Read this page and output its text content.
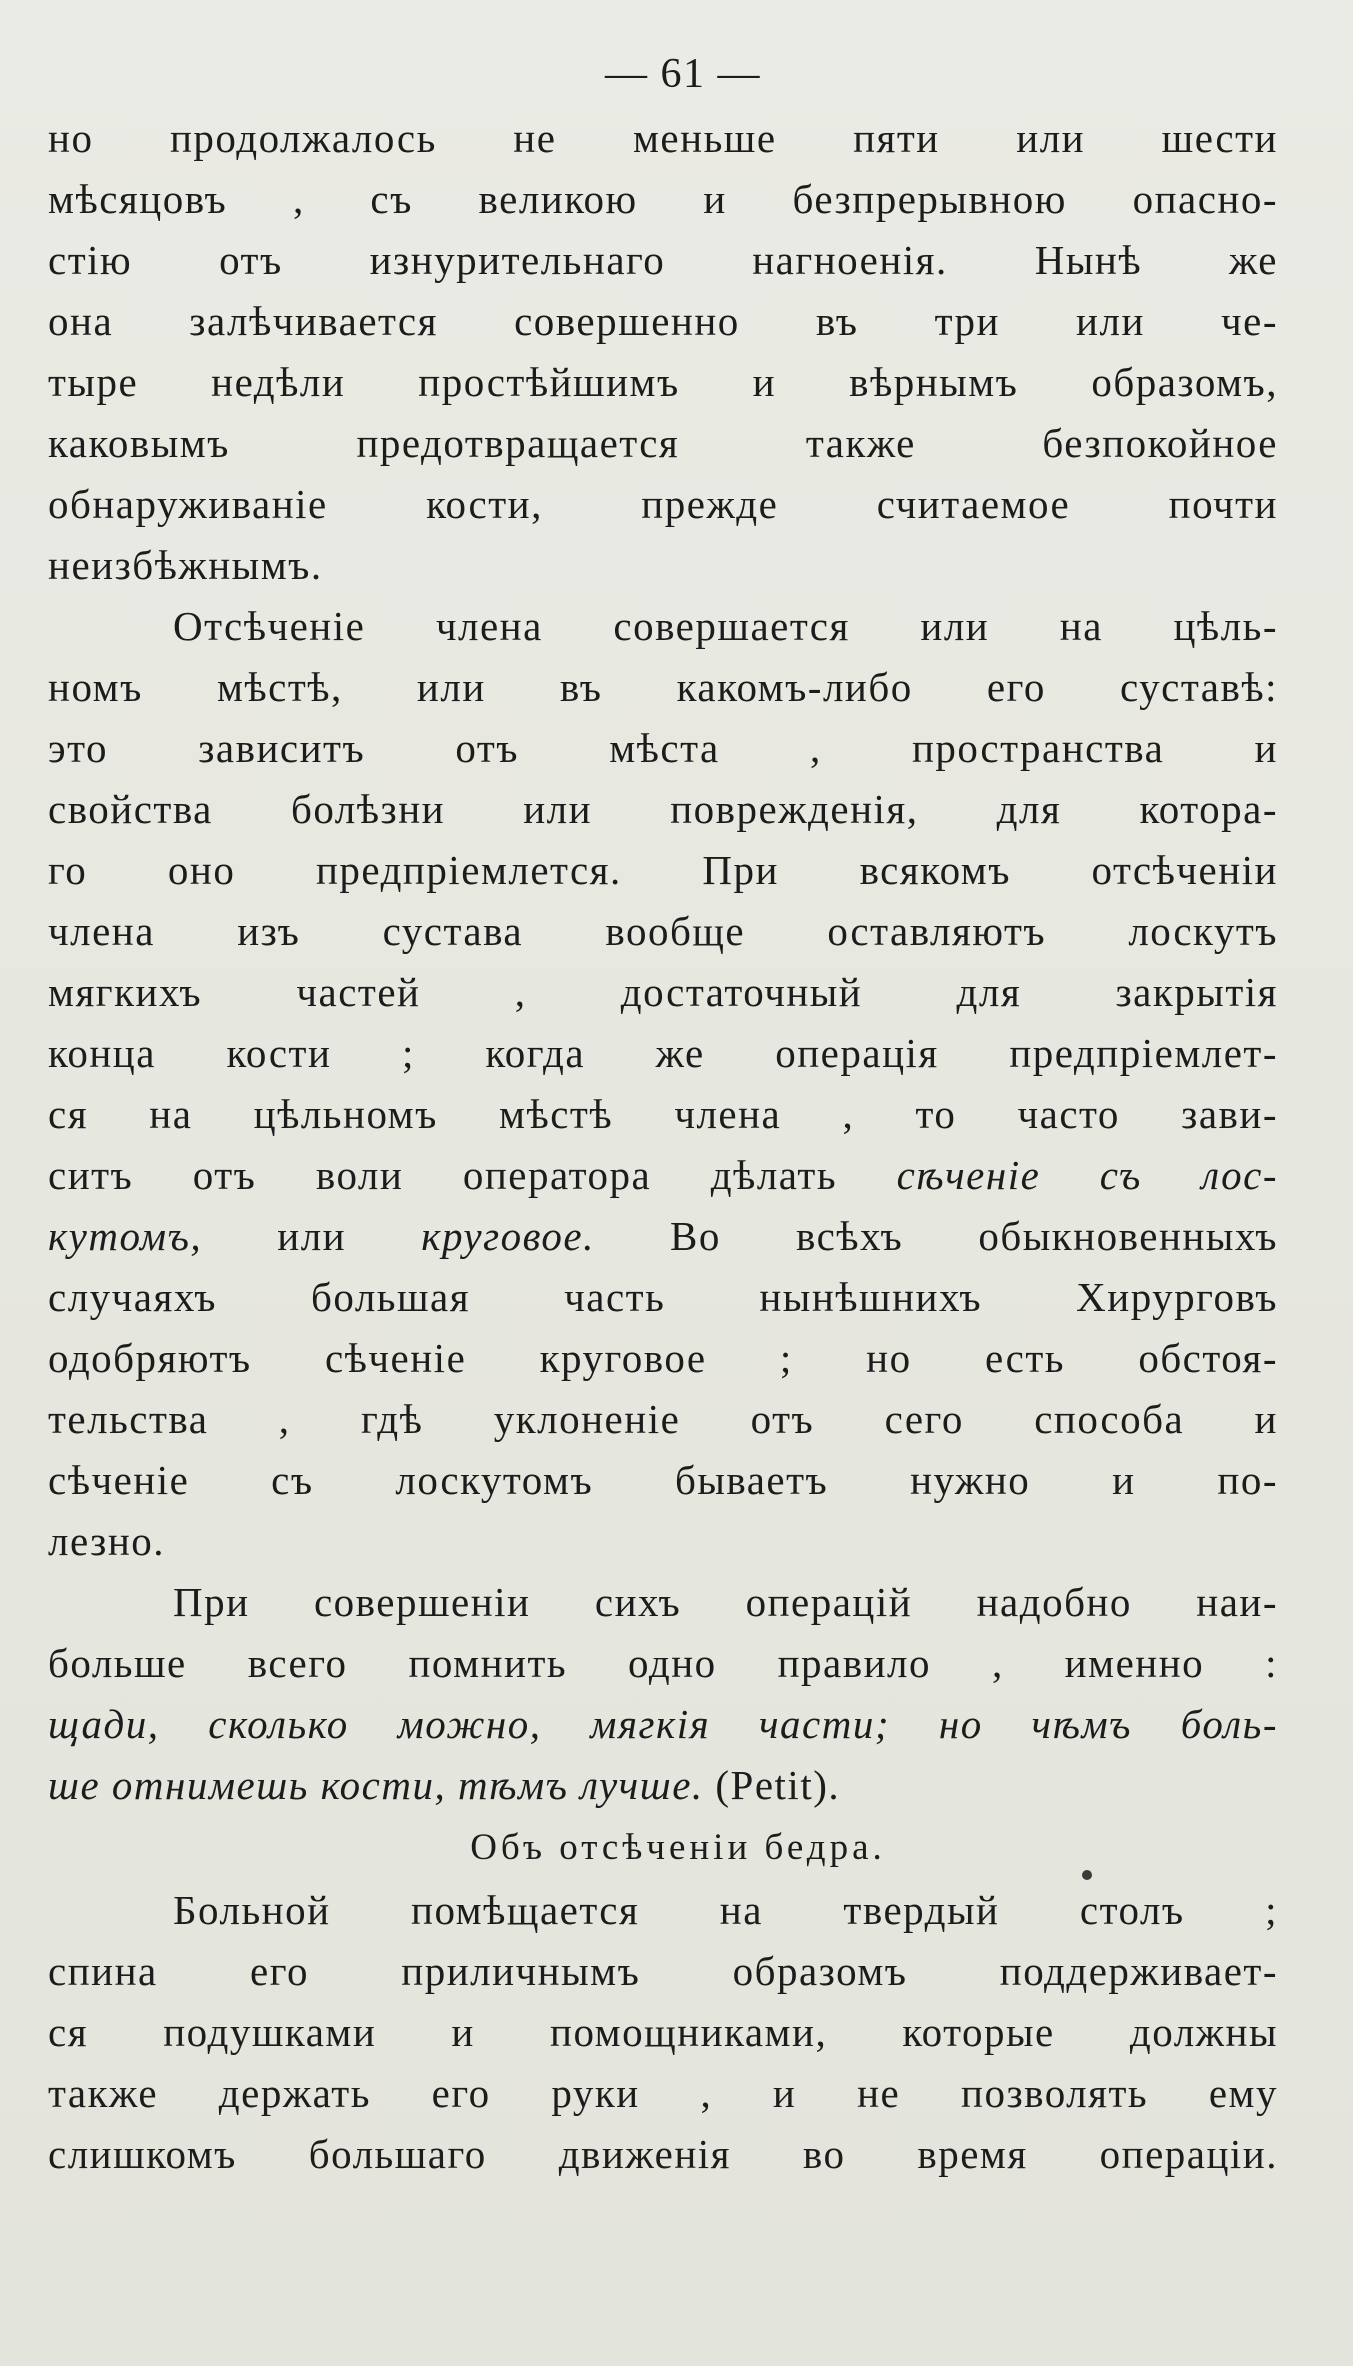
— 61 —
но продолжалось не меньше пяти или шести
мѣсяцовъ , съ великою и безпрерывною опасно-
стію отъ изнурительнаго нагноенія. Нынѣ же
она залѣчивается совершенно въ три или че-
тыре недѣли простѣйшимъ и вѣрнымъ образомъ,
каковымъ предотвращается также безпокойное
обнаруживаніе кости, прежде считаемое почти
неизбѣжнымъ.
Отсѣченіе члена совершается или на цѣль-
номъ мѣстѣ, или въ какомъ-либо его суставѣ:
это зависитъ отъ мѣста , пространства и
свойства болѣзни или поврежденія, для котора-
го оно предпріемлется. При всякомъ отсѣченіи
члена изъ сустава вообще оставляютъ лоскутъ
мягкихъ частей , достаточный для закрытія
конца кости ; когда же операція предпріемлет-
ся на цѣльномъ мѣстѣ члена , то часто зави-
ситъ отъ воли оператора дѣлать сѣченіе съ лос-
кутомъ, или круговое. Во всѣхъ обыкновенныхъ
случаяхъ большая часть нынѣшнихъ Хирурговъ
одобряютъ сѣченіе круговое ; но есть обстоя-
тельства , гдѣ уклоненіе отъ сего способа и
сѣченіе съ лоскутомъ бываетъ нужно и по-
лезно.
При совершеніи сихъ операцій надобно наи-
больше всего помнить одно правило , именно :
щади, сколько можно, мягкія части; но чѣмъ боль-
ше отнимешь кости, тѣмъ лучше. (Petit).
Объ отсѣченіи бедра.
Больной помѣщается на твердый столъ ;
спина его приличнымъ образомъ поддерживает-
ся подушками и помощниками, которые должны
также держать его руки , и не позволять ему
слишкомъ большаго движенія во время операціи.
